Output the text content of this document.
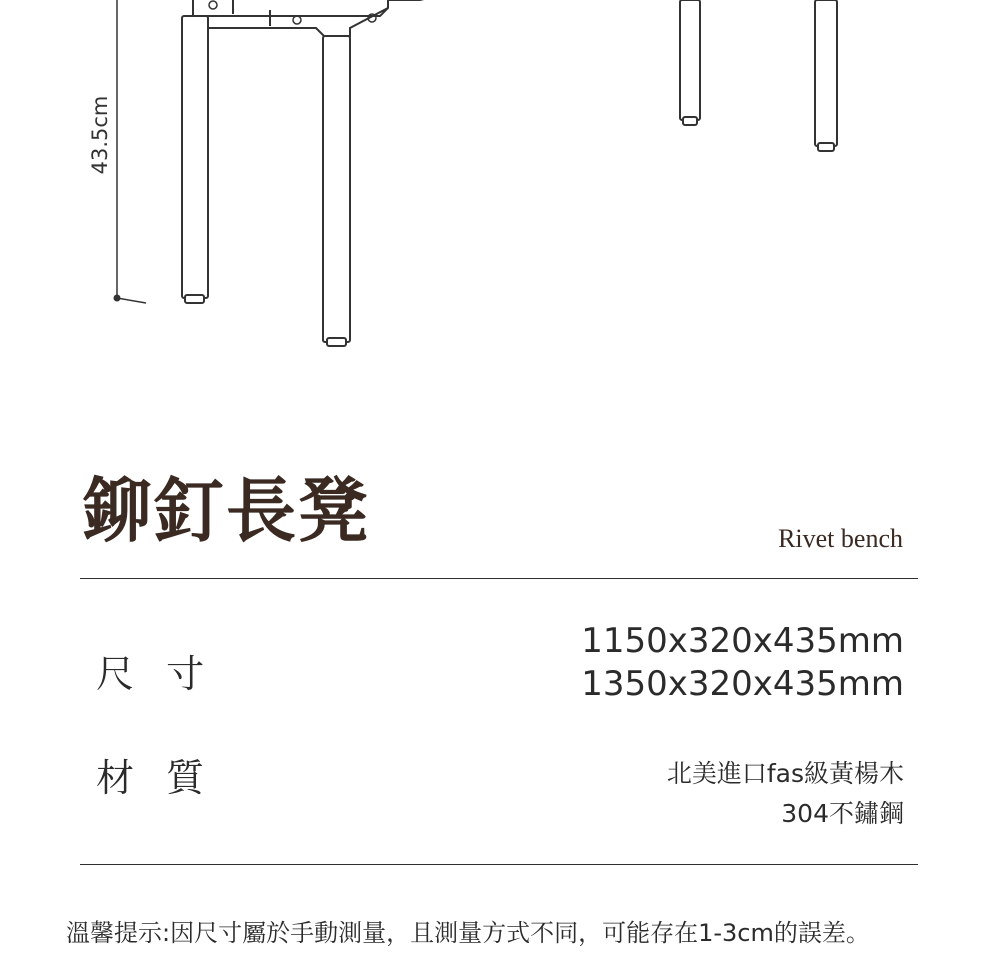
43.5cm
鉚釘長凳	Rivet bench
尺 寸
1150x320x435mm
1350x320x435mm
材 質	北美進口fas級黃楊木
304不鏽鋼
溫馨提示:因尺寸屬於手動測量，且測量方式不同，可能存在1-3cm的誤差。
